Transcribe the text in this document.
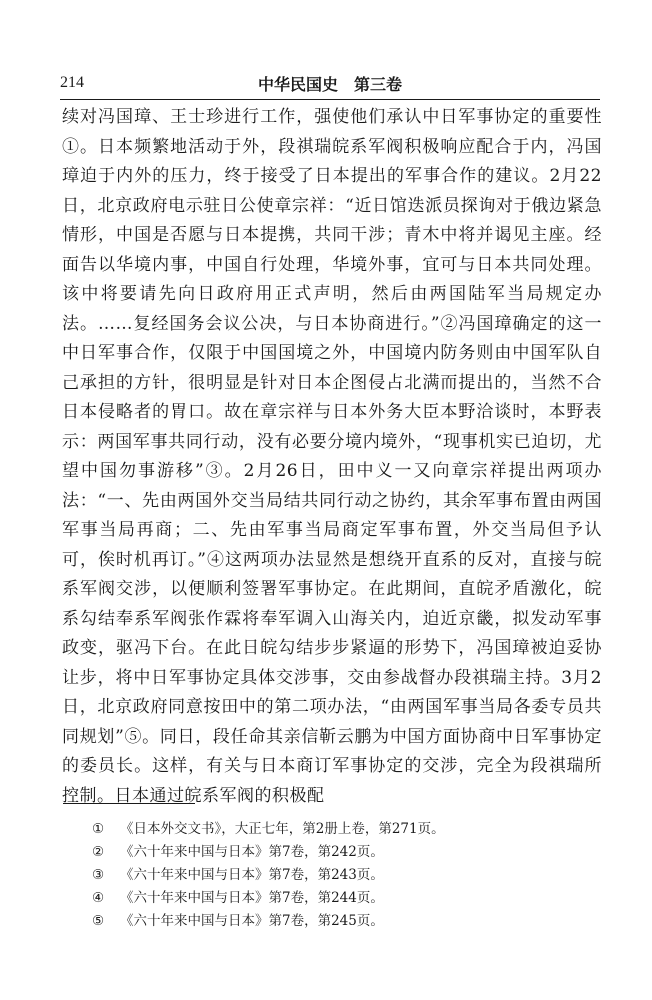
214	中华民国史　第三卷

续对冯国璋、王士珍进行工作，强使他们承认中日军事协定的重要性①。日本频繁地活动于外，段祺瑞皖系军阀积极响应配合于内，冯国璋迫于内外的压力，终于接受了日本提出的军事合作的建议。2月22日，北京政府电示驻日公使章宗祥：“近日馆迭派员探询对于俄边紧急情形，中国是否愿与日本提携，共同干涉；青木中将并谒见主座。经面告以华境内事，中国自行处理，华境外事，宜可与日本共同处理。该中将要请先向日政府用正式声明，然后由两国陆军当局规定办法。……复经国务会议公决，与日本协商进行。”②冯国璋确定的这一中日军事合作，仅限于中国国境之外，中国境内防务则由中国军队自己承担的方针，很明显是针对日本企图侵占北满而提出的，当然不合日本侵略者的胃口。故在章宗祥与日本外务大臣本野洽谈时，本野表示：两国军事共同行动，没有必要分境内境外，“现事机实已迫切，尤望中国勿事游移”③。2月26日，田中义一又向章宗祥提出两项办法：“一、先由两国外交当局结共同行动之协约，其余军事布置由两国军事当局再商；二、先由军事当局商定军事布置，外交当局但予认可，俟时机再订。”④这两项办法显然是想绕开直系的反对，直接与皖系军阀交涉，以便顺利签署军事协定。在此期间，直皖矛盾激化，皖系勾结奉系军阀张作霖将奉军调入山海关内，迫近京畿，拟发动军事政变，驱冯下台。在此日皖勾结步步紧逼的形势下，冯国璋被迫妥协让步，将中日军事协定具体交涉事，交由参战督办段祺瑞主持。3月2日，北京政府同意按田中的第二项办法，“由两国军事当局各委专员共同规划”⑤。同日，段任命其亲信靳云鹏为中国方面协商中日军事协定的委员长。这样，有关与日本商订军事协定的交涉，完全为段祺瑞所控制。日本通过皖系军阀的积极配

①	《日本外交文书》，大正七年，第2册上卷，第271页。
②	《六十年来中国与日本》第7卷，第242页。
③	《六十年来中国与日本》第7卷，第243页。
④	《六十年来中国与日本》第7卷，第244页。
⑤	《六十年来中国与日本》第7卷，第245页。
